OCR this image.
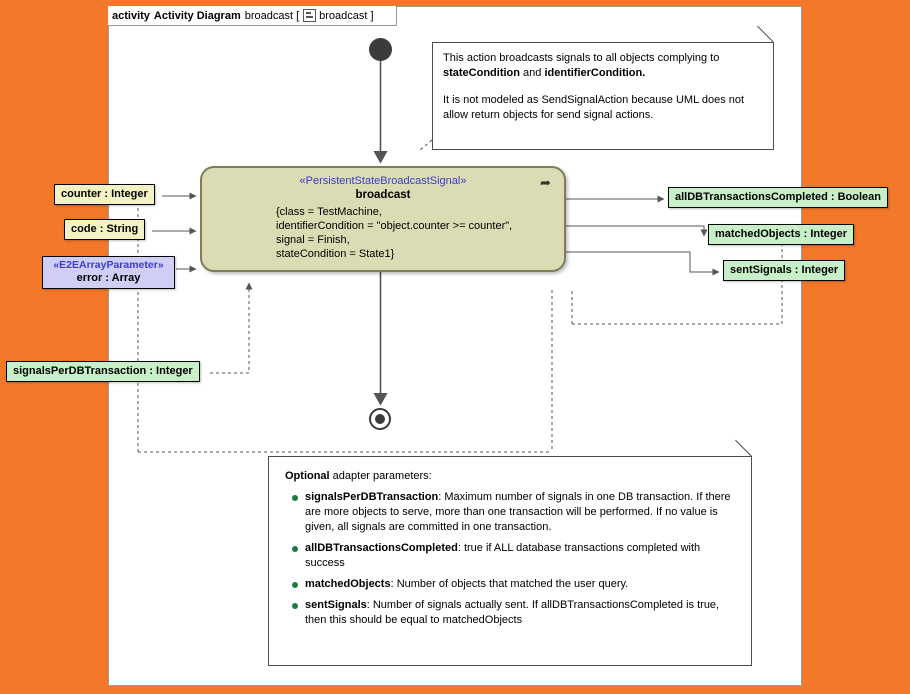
activity Activity Diagram broadcast [ broadcast ]
«PersistentStateBroadcastSignal»
broadcast
{class = TestMachine,
identifierCondition = "object.counter >= counter",
signal = Finish,
stateCondition = State1}
➦
counter : Integer
code : String
«E2EArrayParameter»
error : Array
signalsPerDBTransaction : Integer
allDBTransactionsCompleted : Boolean
matchedObjects : Integer
sentSignals : Integer

This action broadcasts signals to all objects complying to stateCondition and identifierCondition.

It is not modeled as SendSignalAction because UML does not allow return objects for send signal actions.

Optional adapter parameters:

signalsPerDBTransaction: Maximum number of signals in one DB transaction. If there are more objects to serve, more than one transaction will be performed. If no value is given, all signals are committed in one transaction.
allDBTransactionsCompleted: true if ALL database transactions completed with success
matchedObjects: Number of objects that matched the user query.
sentSignals: Number of signals actually sent. If allDBTransactionsCompleted is true, then this should be equal to matchedObjects
